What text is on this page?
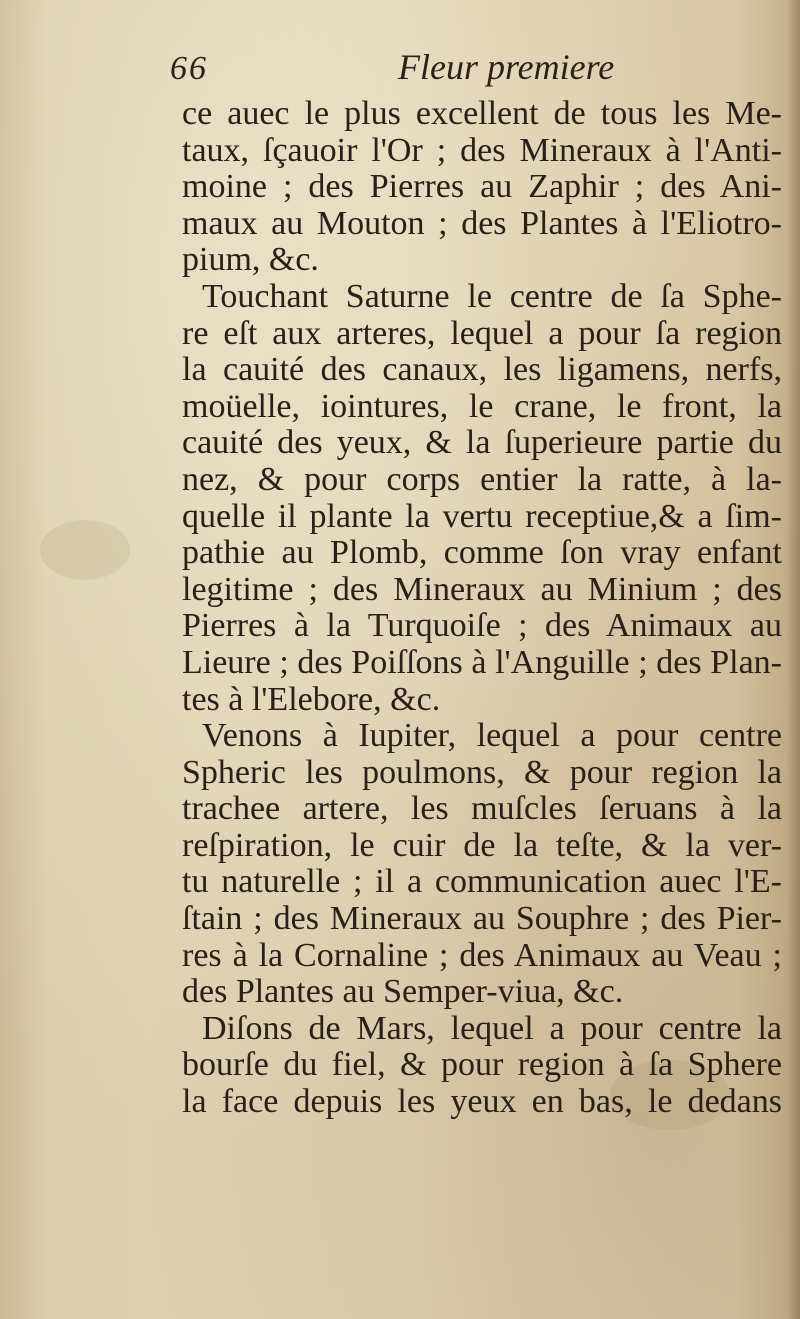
66	Fleur premiere
ce auec le plus excellent de tous les Me-
taux, ſçauoir l'Or ; des Mineraux à l'Anti-
moine ; des Pierres au Zaphir ; des Ani-
maux au Mouton ; des Plantes à l'Eliotro-
pium, &c.
Touchant Saturne le centre de ſa Sphe-
re eſt aux arteres, lequel a pour ſa region
la cauité des canaux, les ligamens, nerfs,
moüelle, iointures, le crane, le front, la
cauité des yeux, & la ſuperieure partie du
nez, & pour corps entier la ratte, à la-
quelle il plante la vertu receptiue,& a ſim-
pathie au Plomb, comme ſon vray enfant
legitime ; des Mineraux au Minium ; des
Pierres à la Turquoiſe ; des Animaux au
Lieure ; des Poiſſons à l'Anguille ; des Plan-
tes à l'Elebore, &c.
Venons à Iupiter, lequel a pour centre
Spheric les poulmons, & pour region la
trachee artere, les muſcles ſeruans à la
reſpiration, le cuir de la teſte, & la ver-
tu naturelle ; il a communication auec l'E-
ſtain ; des Mineraux au Souphre ; des Pier-
res à la Cornaline ; des Animaux au Veau ;
des Plantes au Semper-viua, &c.
Diſons de Mars, lequel a pour centre la
bourſe du fiel, & pour region à ſa Sphere
la face depuis les yeux en bas, le dedans
